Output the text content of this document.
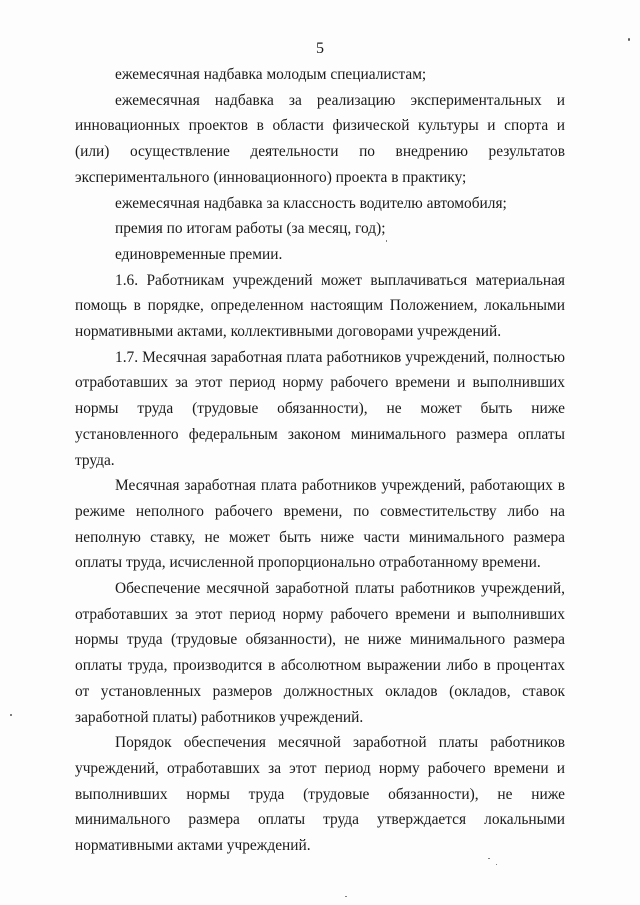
5

ежемесячная надбавка молодым специалистам;

ежемесячная надбавка за реализацию экспериментальных и инновационных проектов в области физической культуры и спорта и (или) осуществление деятельности по внедрению результатов экспериментального (инновационного) проекта в практику;

ежемесячная надбавка за классность водителю автомобиля;

премия по итогам работы (за месяц, год);

единовременные премии.

1.6. Работникам учреждений может выплачиваться материальная помощь в порядке, определенном настоящим Положением, локальными нормативными актами, коллективными договорами учреждений.

1.7. Месячная заработная плата работников учреждений, полностью отработавших за этот период норму рабочего времени и выполнивших нормы труда (трудовые обязанности), не может быть ниже установленного федеральным законом минимального размера оплаты труда.

Месячная заработная плата работников учреждений, работающих в режиме неполного рабочего времени, по совместительству либо на неполную ставку, не может быть ниже части минимального размера оплаты труда, исчисленной пропорционально отработанному времени.

Обеспечение месячной заработной платы работников учреждений, отработавших за этот период норму рабочего времени и выполнивших нормы труда (трудовые обязанности), не ниже минимального размера оплаты труда, производится в абсолютном выражении либо в процентах от установленных размеров должностных окладов (окладов, ставок заработной платы) работников учреждений.

Порядок обеспечения месячной заработной платы работников учреждений, отработавших за этот период норму рабочего времени и выполнивших нормы труда (трудовые обязанности), не ниже минимального размера оплаты труда утверждается локальными нормативными актами учреждений.
